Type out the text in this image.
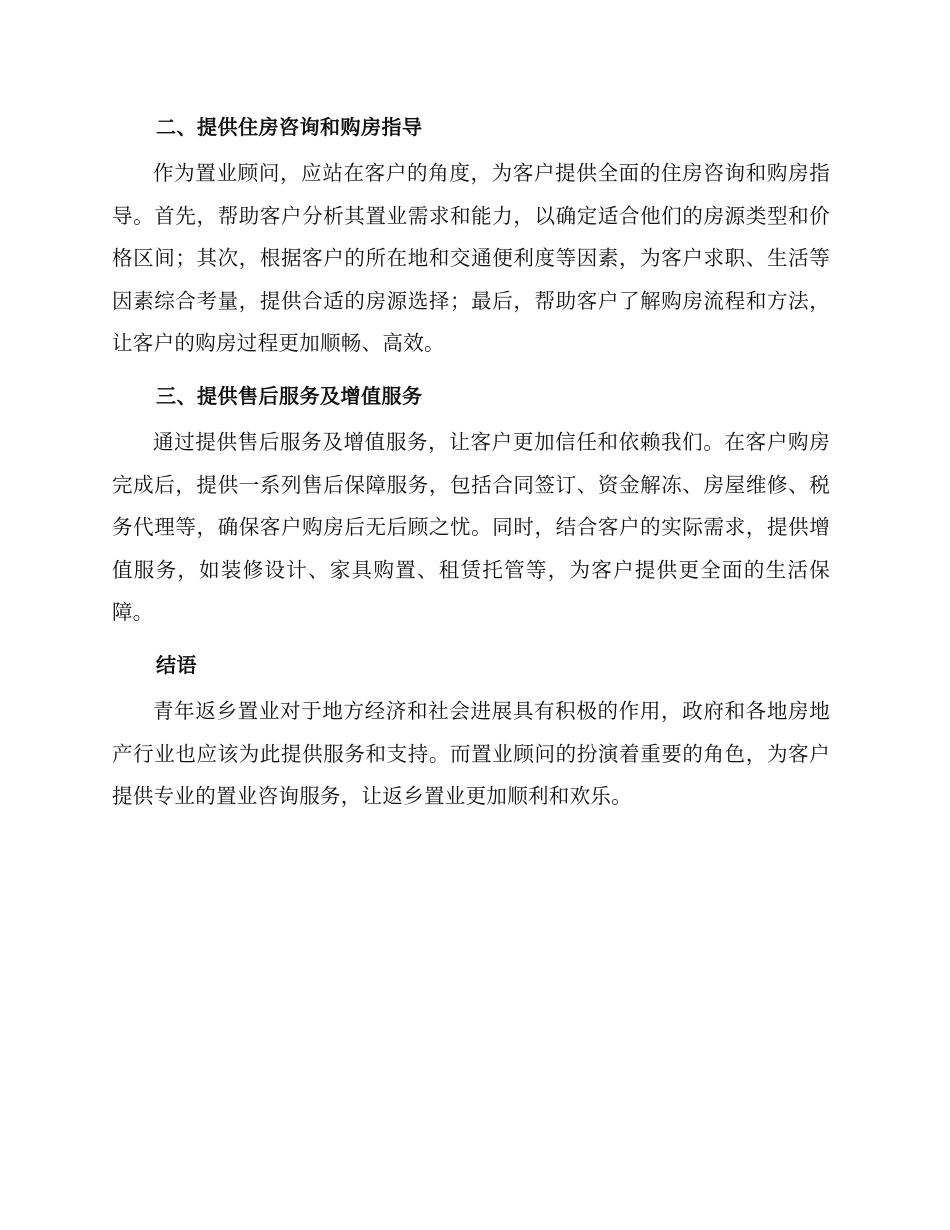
二、提供住房咨询和购房指导

作为置业顾问，应站在客户的角度，为客户提供全面的住房咨询和购房指导。首先，帮助客户分析其置业需求和能力，以确定适合他们的房源类型和价格区间；其次，根据客户的所在地和交通便利度等因素，为客户求职、生活等因素综合考量，提供合适的房源选择；最后，帮助客户了解购房流程和方法，让客户的购房过程更加顺畅、高效。

三、提供售后服务及增值服务

通过提供售后服务及增值服务，让客户更加信任和依赖我们。在客户购房完成后，提供一系列售后保障服务，包括合同签订、资金解冻、房屋维修、税务代理等，确保客户购房后无后顾之忧。同时，结合客户的实际需求，提供增值服务，如装修设计、家具购置、租赁托管等，为客户提供更全面的生活保障。

结语

青年返乡置业对于地方经济和社会进展具有积极的作用，政府和各地房地产行业也应该为此提供服务和支持。而置业顾问的扮演着重要的角色，为客户提供专业的置业咨询服务，让返乡置业更加顺利和欢乐。
